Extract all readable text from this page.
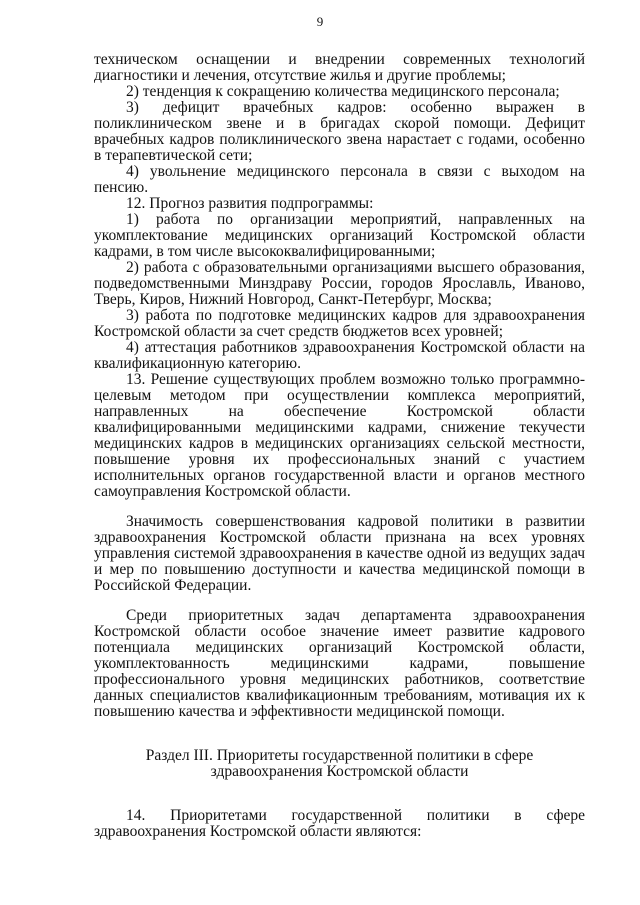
9

техническом оснащении и внедрении современных технологий диагностики и лечения, отсутствие жилья и другие проблемы;

2) тенденция к сокращению количества медицинского персонала;

3) дефицит врачебных кадров: особенно выражен в поликлиническом звене и в бригадах скорой помощи. Дефицит врачебных кадров поликлинического звена нарастает с годами, особенно в терапевтической сети;

4) увольнение медицинского персонала в связи с выходом на пенсию.

12. Прогноз развития подпрограммы:

1) работа по организации мероприятий, направленных на укомплектование медицинских организаций Костромской области кадрами, в том числе высококвалифицированными;

2) работа с образовательными организациями высшего образования, подведомственными Минздраву России, городов Ярославль, Иваново, Тверь, Киров, Нижний Новгород, Санкт-Петербург, Москва;

3) работа по подготовке медицинских кадров для здравоохранения Костромской области за счет средств бюджетов всех уровней;

4) аттестация работников здравоохранения Костромской области на квалификационную категорию.

13. Решение существующих проблем возможно только программно-целевым методом при осуществлении комплекса мероприятий, направленных на обеспечение Костромской области квалифицированными медицинскими кадрами, снижение текучести медицинских кадров в медицинских организациях сельской местности, повышение уровня их профессиональных знаний с участием исполнительных органов государственной власти и органов местного самоуправления Костромской области.

Значимость совершенствования кадровой политики в развитии здравоохранения Костромской области признана на всех уровнях управления системой здравоохранения в качестве одной из ведущих задач и мер по повышению доступности и качества медицинской помощи в Российской Федерации.

Среди приоритетных задач департамента здравоохранения Костромской области особое значение имеет развитие кадрового потенциала медицинских организаций Костромской области, укомплектованность медицинскими кадрами, повышение профессионального уровня медицинских работников, соответствие данных специалистов квалификационным требованиям, мотивация их к повышению качества и эффективности медицинской помощи.

Раздел III. Приоритеты государственной политики в сфере
здравоохранения Костромской области

14. Приоритетами государственной политики в сфере здравоохранения Костромской области являются:
